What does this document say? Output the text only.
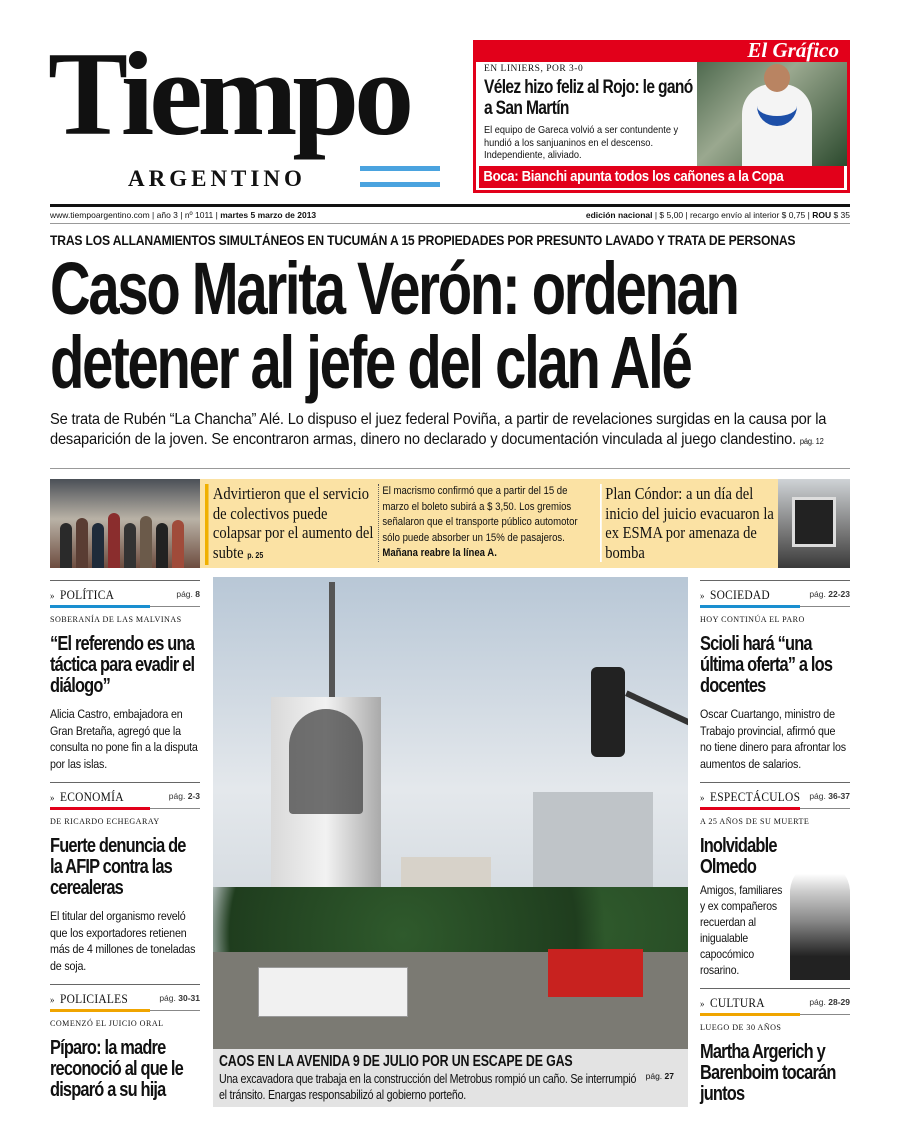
Tiempo
ARGENTINO
El Gráfico
EN LINIERS, POR 3-0
Vélez hizo feliz al Rojo: le ganó a San Martín
El equipo de Gareca volvió a ser contundente y hundió a los sanjuaninos en el descenso. Independiente, aliviado.
Boca: Bianchi apunta todos los cañones a la Copa
www.tiempoargentino.com | año 3 | nº 1011 | martes 5 marzo de 2013	edición nacional | $ 5,00 | recargo envío al interior $ 0,75 | ROU $ 35
TRAS LOS ALLANAMIENTOS SIMULTÁNEOS EN TUCUMÁN A 15 PROPIEDADES POR PRESUNTO LAVADO Y TRATA DE PERSONAS
Caso Marita Verón: ordenan
detener al jefe del clan Alé
Se trata de Rubén “La Chancha” Alé. Lo dispuso el juez federal Poviña, a partir de revelaciones surgidas en la causa por la desaparición de la joven. Se encontraron armas, dinero no declarado y documentación vinculada al juego clandestino. pág. 12
Advirtieron que el servicio de colectivos puede colapsar por el aumento del subte p. 25
El macrismo confirmó que a partir del 15 de marzo el boleto subirá a $ 3,50. Los gremios señalaron que el transporte público automotor sólo puede absorber un 15% de pasajeros. Mañana reabre la línea A.
Plan Cóndor: a un día del inicio del juicio evacuaron la ex ESMA por amenaza de bomba
» POLÍTICA	pág. 8
SOBERANÍA DE LAS MALVINAS
“El referendo es una táctica para evadir el diálogo”
Alicia Castro, embajadora en Gran Bretaña, agregó que la consulta no pone fin a la disputa por las islas.
» ECONOMÍA	pág. 2-3
DE RICARDO ECHEGARAY
Fuerte denuncia de la AFIP contra las cerealeras
El titular del organismo reveló que los exportadores retienen más de 4 millones de toneladas de soja.
» POLICIALES	pág. 30-31
COMENZÓ EL JUICIO ORAL
Píparo: la madre reconoció al que le disparó a su hija
» SOCIEDAD	pág. 22-23
HOY CONTINÚA EL PARO
Scioli hará “una última oferta” a los docentes
Oscar Cuartango, ministro de Trabajo provincial, afirmó que no tiene dinero para afrontar los aumentos de salarios.
» ESPECTÁCULOS pág. 36-37
A 25 AÑOS DE SU MUERTE
Inolvidable Olmedo
Amigos, familiares y ex compañeros recuerdan al inigualable capocómico rosarino.
» CULTURA	pág. 28-29
LUEGO DE 30 AÑOS
Martha Argerich y Barenboim tocarán juntos
CAOS EN LA AVENIDA 9 DE JULIO POR UN ESCAPE DE GAS
Una excavadora que trabaja en la construcción del Metrobus rompió un caño. Se interrumpió el tránsito. Enargas responsabilizó al gobierno porteño.
pág. 27
